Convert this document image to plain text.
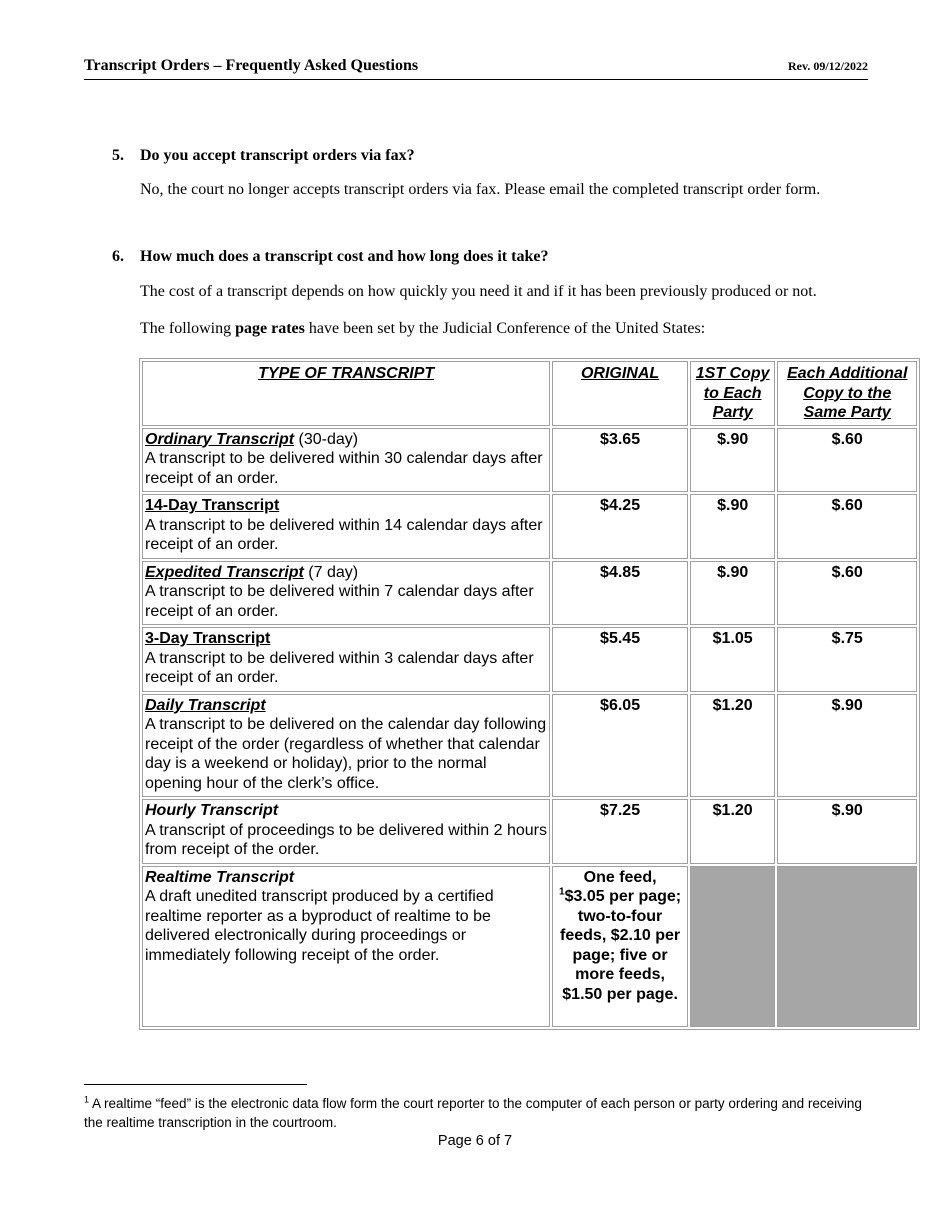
Transcript Orders – Frequently Asked Questions	Rev. 09/12/2022
5. Do you accept transcript orders via fax?
No, the court no longer accepts transcript orders via fax. Please email the completed transcript order form.
6. How much does a transcript cost and how long does it take?
The cost of a transcript depends on how quickly you need it and if it has been previously produced or not.
The following page rates have been set by the Judicial Conference of the United States:
TYPE OF TRANSCRIPT	ORIGINAL	1ST Copy to Each Party	Each Additional Copy to the Same Party
Ordinary Transcript (30-day)
A transcript to be delivered within 30 calendar days after receipt of an order.	$3.65	$.90	$.60
14-Day Transcript
A transcript to be delivered within 14 calendar days after receipt of an order.	$4.25	$.90	$.60
Expedited Transcript (7 day)
A transcript to be delivered within 7 calendar days after receipt of an order.	$4.85	$.90	$.60
3-Day Transcript
A transcript to be delivered within 3 calendar days after receipt of an order.	$5.45	$1.05	$.75
Daily Transcript
A transcript to be delivered on the calendar day following receipt of the order (regardless of whether that calendar day is a weekend or holiday), prior to the normal opening hour of the clerk’s office.	$6.05	$1.20	$.90
Hourly Transcript
A transcript of proceedings to be delivered within 2 hours from receipt of the order.	$7.25	$1.20	$.90
Realtime Transcript
A draft unedited transcript produced by a certified realtime reporter as a byproduct of realtime to be delivered electronically during proceedings or immediately following receipt of the order.	One feed,
$^1$\$3.05 per page; two-to-four feeds, $2.10 per page; five or more feeds, $1.50 per page.		
$^1$ A realtime “feed” is the electronic data flow form the court reporter to the computer of each person or party ordering and receiving the realtime transcription in the courtroom.
Page 6 of 7
